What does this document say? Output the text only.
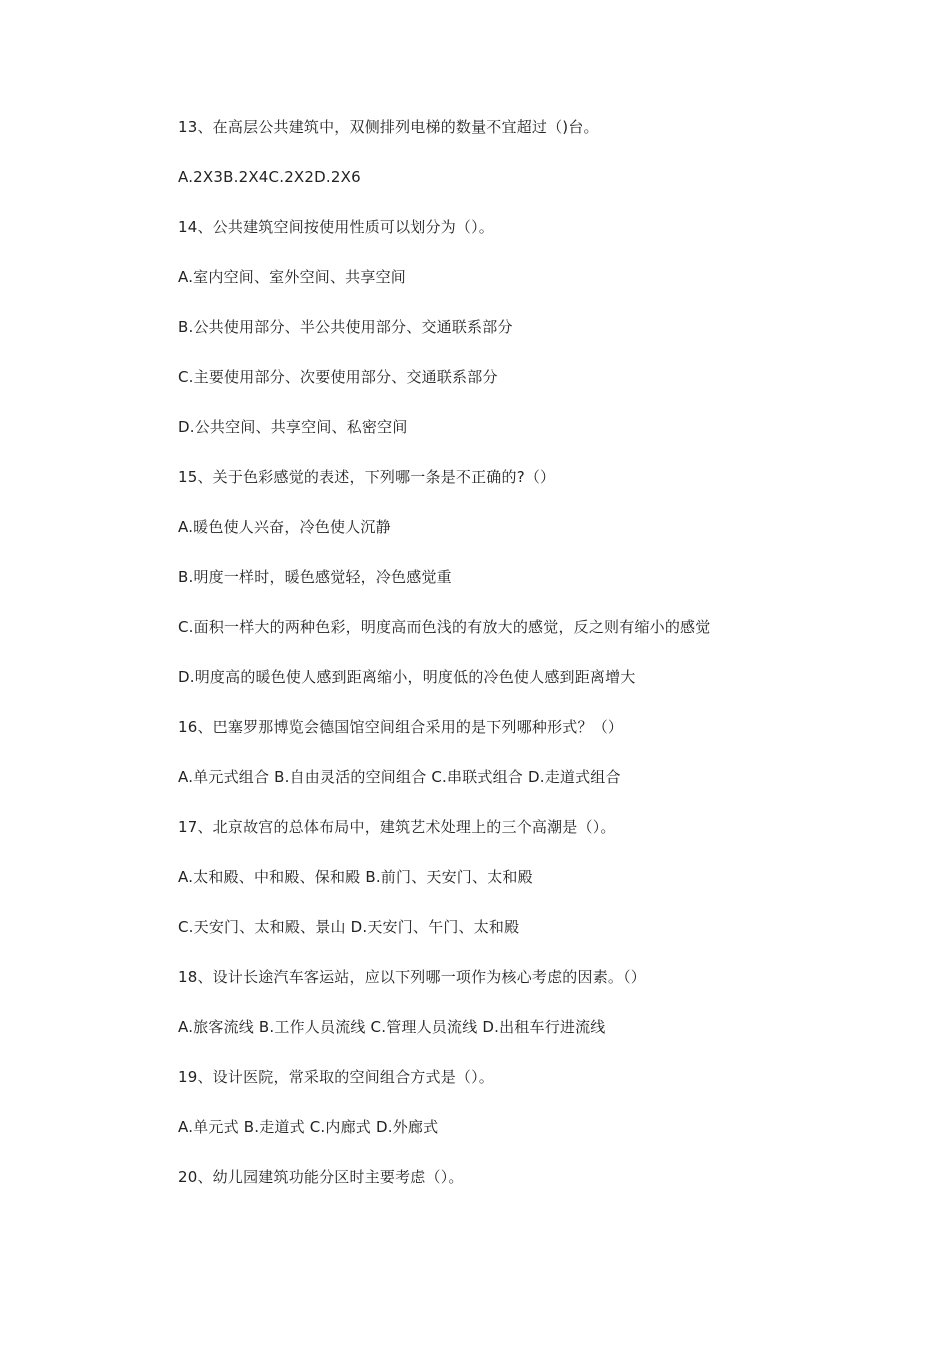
13、在高层公共建筑中，双侧排列电梯的数量不宜超过（)台。
A.2X3B.2X4C.2X2D.2X6
14、公共建筑空间按使用性质可以划分为（）。
A.室内空间、室外空间、共享空间
B.公共使用部分、半公共使用部分、交通联系部分
C.主要使用部分、次要使用部分、交通联系部分
D.公共空间、共享空间、私密空间
15、关于色彩感觉的表述，下列哪一条是不正确的?（）
A.暖色使人兴奋，冷色使人沉静
B.明度一样时，暖色感觉轻，冷色感觉重
C.面积一样大的两种色彩，明度高而色浅的有放大的感觉，反之则有缩小的感觉
D.明度高的暖色使人感到距离缩小，明度低的冷色使人感到距离增大
16、巴塞罗那博览会德国馆空间组合采用的是下列哪种形式？（）
A.单元式组合 B.自由灵活的空间组合 C.串联式组合 D.走道式组合
17、北京故宫的总体布局中，建筑艺术处理上的三个高潮是（）。
A.太和殿、中和殿、保和殿 B.前门、天安门、太和殿
C.天安门、太和殿、景山 D.天安门、午门、太和殿
18、设计长途汽车客运站，应以下列哪一项作为核心考虑的因素。（）
A.旅客流线 B.工作人员流线 C.管理人员流线 D.出租车行进流线
19、设计医院，常采取的空间组合方式是（）。
A.单元式 B.走道式 C.内廊式 D.外廊式
20、幼儿园建筑功能分区时主要考虑（）。
